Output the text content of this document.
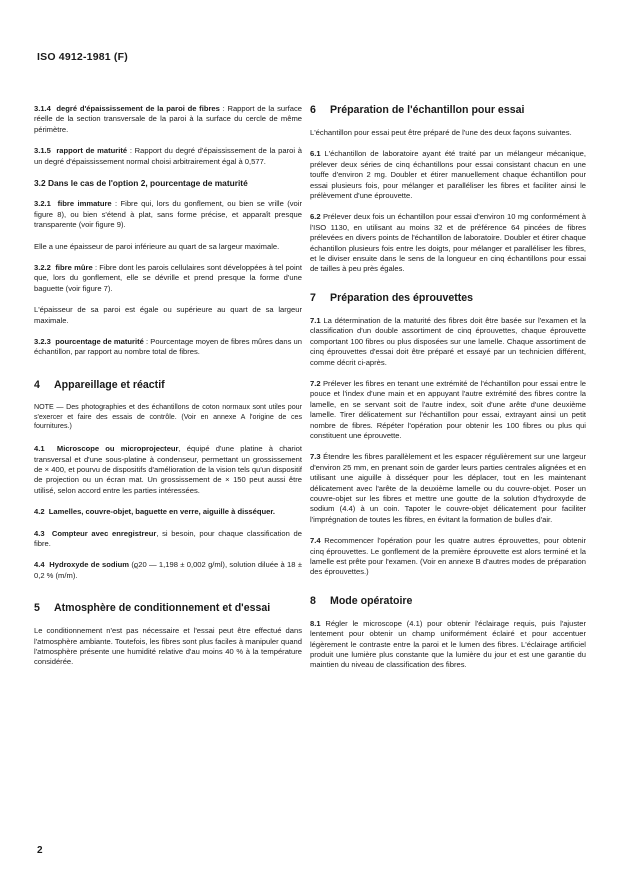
ISO 4912-1981 (F)

3.1.4 degré d'épaississement de la paroi de fibres : Rapport de la surface réelle de la section transversale de la paroi à la surface du cercle de même périmètre.

3.1.5 rapport de maturité : Rapport du degré d'épaississement de la paroi à un degré d'épaississement normal choisi arbitrairement égal à 0,577.

3.2 Dans le cas de l'option 2, pourcentage de maturité

3.2.1 fibre immature : Fibre qui, lors du gonflement, ou bien se vrille (voir figure 8), ou bien s'étend à plat, sans forme précise, et apparaît presque transparente (voir figure 9).

Elle a une épaisseur de paroi inférieure au quart de sa largeur maximale.

3.2.2 fibre mûre : Fibre dont les parois cellulaires sont développées à tel point que, lors du gonflement, elle se dévrille et prend presque la forme d'une baguette (voir figure 7).

L'épaisseur de sa paroi est égale ou supérieure au quart de sa largeur maximale.

3.2.3 pourcentage de maturité : Pourcentage moyen de fibres mûres dans un échantillon, par rapport au nombre total de fibres.

4	Appareillage et réactif

NOTE — Des photographies et des échantillons de coton normaux sont utiles pour s'exercer et faire des essais de contrôle. (Voir en annexe A l'origine de ces fournitures.)

4.1 Microscope ou microprojecteur, équipé d'une platine à chariot transversal et d'une sous-platine à condenseur, permettant un grossissement de × 400, et pourvu de dispositifs d'amélioration de la vision tels qu'un dispositif de projection ou un écran mat. Un grossissement de × 150 peut aussi être utilisé, selon accord entre les parties intéressées.

4.2 Lamelles, couvre-objet, baguette en verre, aiguille à disséquer.

4.3 Compteur avec enregistreur, si besoin, pour chaque classification de fibre.

4.4 Hydroxyde de sodium (ϱ20 — 1,198 ± 0,002 g/ml), solution diluée à 18 ± 0,2 % (m/m).

5	Atmosphère de conditionnement et d'essai

Le conditionnement n'est pas nécessaire et l'essai peut être effectué dans l'atmosphère ambiante. Toutefois, les fibres sont plus faciles à manipuler quand l'atmosphère présente une humidité relative d'au moins 40 % à la température considérée.

6	Préparation de l'échantillon pour essai

L'échantillon pour essai peut être préparé de l'une des deux façons suivantes.

6.1 L'échantillon de laboratoire ayant été traité par un mélangeur mécanique, prélever deux séries de cinq échantillons pour essai consistant chacun en une touffe d'environ 2 mg. Doubler et étirer manuellement chaque échantillon pour essai plusieurs fois, pour mélanger et paralléliser les fibres et faciliter ainsi le prélèvement d'une éprouvette.

6.2 Prélever deux fois un échantillon pour essai d'environ 10 mg conformément à l'ISO 1130, en utilisant au moins 32 et de préférence 64 pincées de fibres prélevées en divers points de l'échantillon de laboratoire. Doubler et étirer chaque échantillon plusieurs fois entre les doigts, pour mélanger et paralléliser les fibres, et le diviser ensuite dans le sens de la longueur en cinq échantillons pour essai de tailles à peu près égales.

7	Préparation des éprouvettes

7.1 La détermination de la maturité des fibres doit être basée sur l'examen et la classification d'un double assortiment de cinq éprouvettes, chaque éprouvette comportant 100 fibres ou plus disposées sur une lamelle. Chaque assortiment de cinq éprouvettes d'essai doit être préparé et essayé par un technicien différent, comme décrit ci-après.

7.2 Prélever les fibres en tenant une extrémité de l'échantillon pour essai entre le pouce et l'index d'une main et en appuyant l'autre extrémité des fibres contre la lamelle, en se servant soit de l'autre index, soit d'une arête d'une deuxième lamelle. Tirer délicatement sur l'échantillon pour essai, extrayant ainsi un petit nombre de fibres. Répéter l'opération pour obtenir les 100 fibres ou plus qui constituent une éprouvette.

7.3 Étendre les fibres parallèlement et les espacer régulièrement sur une largeur d'environ 25 mm, en prenant soin de garder leurs parties centrales alignées et en utilisant une aiguille à disséquer pour les déplacer, tout en les maintenant délicatement avec l'arête de la deuxième lamelle ou du couvre-objet. Poser un couvre-objet sur les fibres et mettre une goutte de la solution d'hydroxyde de sodium (4.4) à un coin. Tapoter le couvre-objet délicatement pour faciliter l'imprégnation de toutes les fibres, en évitant la formation de bulles d'air.

7.4 Recommencer l'opération pour les quatre autres éprouvettes, pour obtenir cinq éprouvettes. Le gonflement de la première éprouvette est alors terminé et la lamelle est prête pour l'examen. (Voir en annexe B d'autres modes de préparation des éprouvettes.)

8	Mode opératoire

8.1 Régler le microscope (4.1) pour obtenir l'éclairage requis, puis l'ajuster lentement pour obtenir un champ uniformément éclairé et pour accentuer légèrement le contraste entre la paroi et le lumen des fibres. L'éclairage artificiel produit une lumière plus constante que la lumière du jour et est une garantie du maintien du niveau de classification des fibres.

2
